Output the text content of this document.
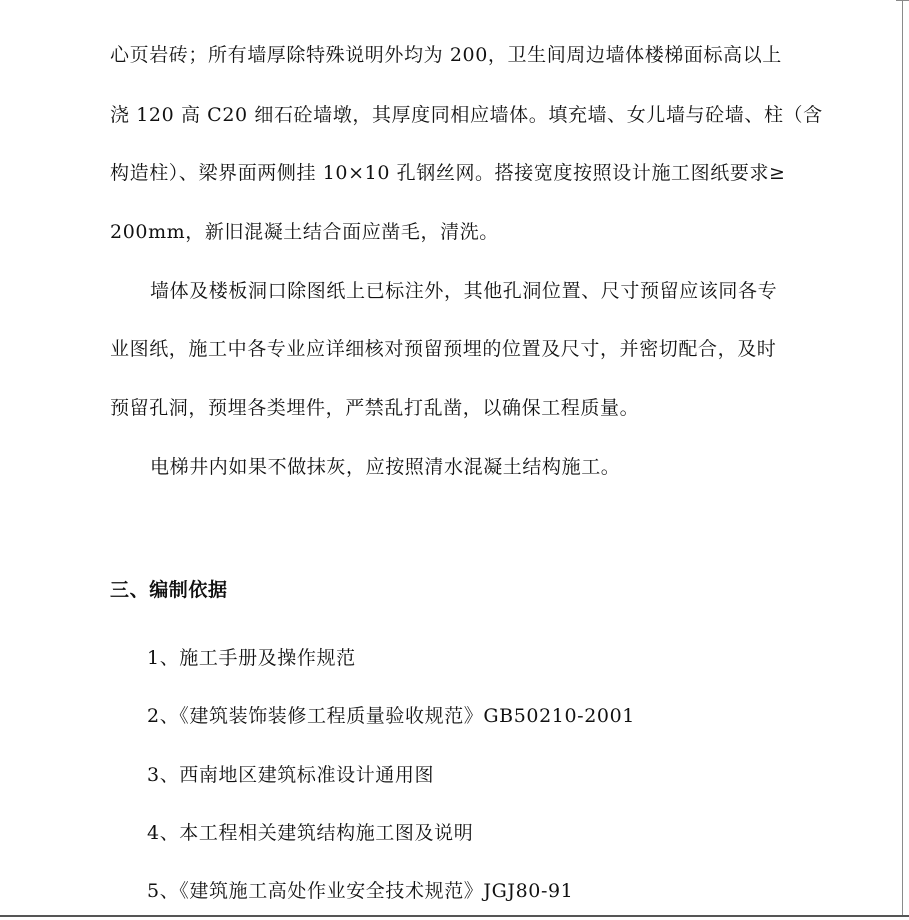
心页岩砖；所有墙厚除特殊说明外均为 200，卫生间周边墙体楼梯面标高以上
浇 120 高 C20 细石砼墙墩，其厚度同相应墙体。填充墙、女儿墙与砼墙、柱（含
构造柱）、梁界面两侧挂 10×10 孔钢丝网。搭接宽度按照设计施工图纸要求≥
200mm，新旧混凝土结合面应凿毛，清洗。
墙体及楼板洞口除图纸上已标注外，其他孔洞位置、尺寸预留应该同各专
业图纸，施工中各专业应详细核对预留预埋的位置及尺寸，并密切配合，及时
预留孔洞，预埋各类埋件，严禁乱打乱凿，以确保工程质量。
电梯井内如果不做抹灰，应按照清水混凝土结构施工。
三、编制依据
1、施工手册及操作规范
2、《建筑装饰装修工程质量验收规范》GB50210-2001
3、西南地区建筑标准设计通用图
4、本工程相关建筑结构施工图及说明
5、《建筑施工高处作业安全技术规范》JGJ80-91
